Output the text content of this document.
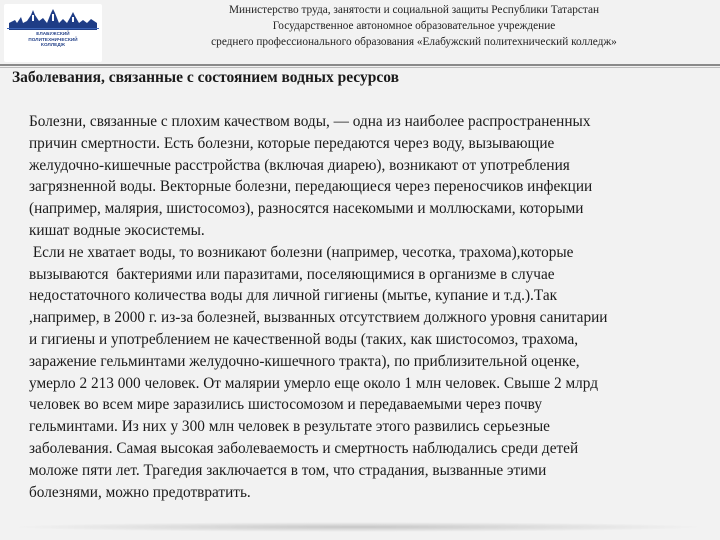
ЕЛАБУЖСКИЙ
ПОЛИТЕХНИЧЕСКИЙ
КОЛЛЕДЖ
Министерство труда, занятости и социальной защиты Республики Татарстан
Государственное автономное образовательное учреждение
среднего профессионального образования «Елабужский политехнический колледж»
Заболевания, связанные с состоянием водных ресурсов
Болезни, связанные с плохим качеством воды, — одна из наиболее распространенных
причин смертности. Есть болезни, которые передаются через воду, вызывающие
желудочно-кишечные расстройства (включая диарею), возникают от употребления
загрязненной воды. Векторные болезни, передающиеся через переносчиков инфекции
(например, малярия, шистосомоз), разносятся насекомыми и моллюсками, которыми
кишат водные экосистемы.
Если не хватает воды, то возникают болезни (например, чесотка, трахома),которые
вызываются  бактериями или паразитами, поселяющимися в организме в случае
недостаточного количества воды для личной гигиены (мытье, купание и т.д.).Так
,например, в 2000 г. из-за болезней, вызванных отсутствием должного уровня санитарии
и гигиены и употреблением не качественной воды (таких, как шистосомоз, трахома,
заражение гельминтами желудочно-кишечного тракта), по приблизительной оценке,
умерло 2 213 000 человек. От малярии умерло еще около 1 млн человек. Свыше 2 млрд
человек во всем мире заразились шистосомозом и передаваемыми через почву
гельминтами. Из них у 300 млн человек в результате этого развились серьезные
заболевания. Самая высокая заболеваемость и смертность наблюдались среди детей
моложе пяти лет. Трагедия заключается в том, что страдания, вызванные этими
болезнями, можно предотвратить.
